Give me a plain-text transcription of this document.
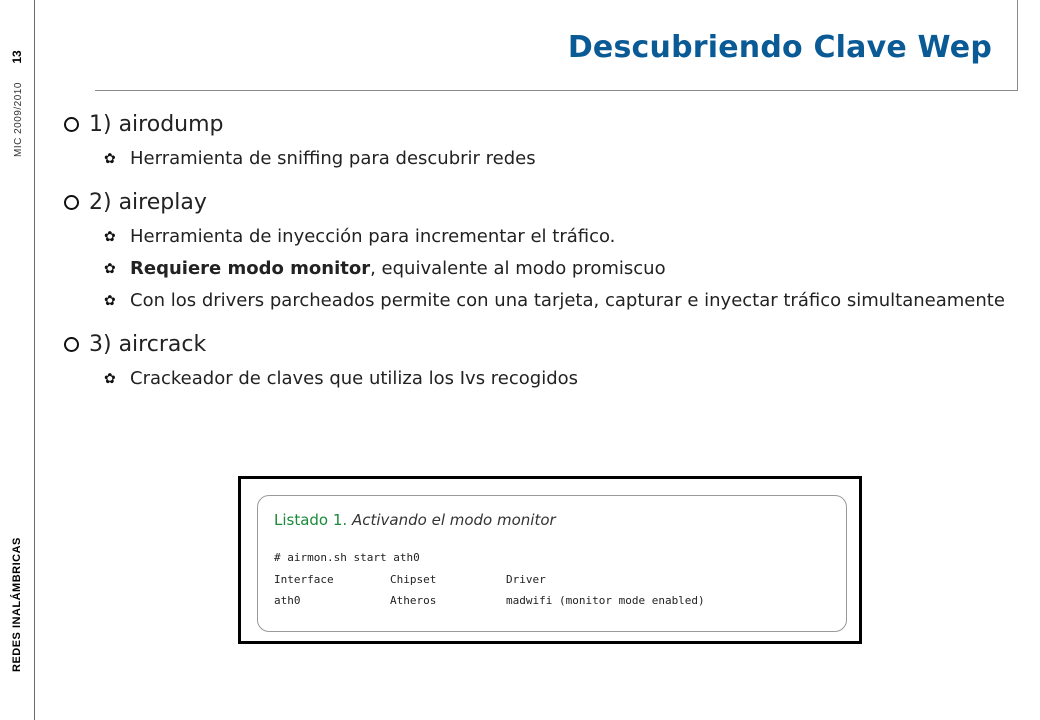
REDES INALÁMBRICAS
MIC 2009/2010 13	Descubriendo Clave Wep
1) airodump
✿ Herramienta de sniffing para descubrir redes
2) aireplay
✿ Herramienta de inyección para incrementar el tráfico.
✿ Requiere modo monitor, equivalente al modo promiscuo
✿ Con los drivers parcheados permite con una tarjeta, capturar e inyectar tráfico simultaneamente
3) aircrack
✿ Crackeador de claves que utiliza los Ivs recogidos
Listado 1. Activando el modo monitor
# airmon.sh start ath0
Interface	Chipset	Driver
ath0	Atheros	madwifi (monitor mode enabled)
